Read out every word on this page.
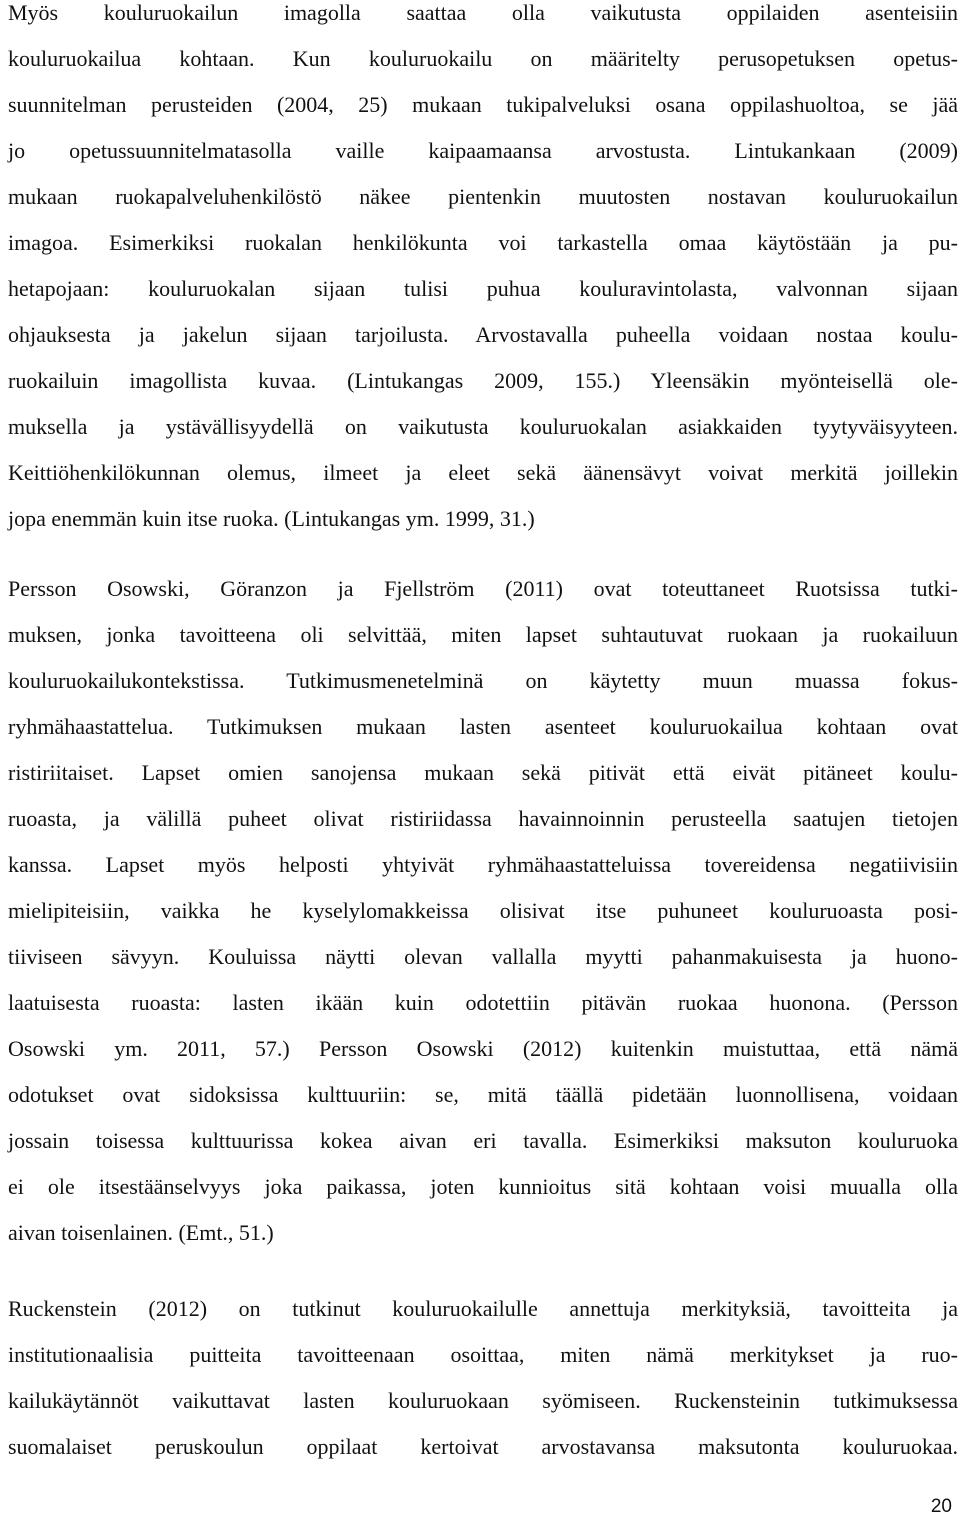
Myös kouluruokailun imagolla saattaa olla vaikutusta oppilaiden asenteisiin
kouluruokailua kohtaan. Kun kouluruokailu on määritelty perusopetuksen opetus-
suunnitelman perusteiden (2004, 25) mukaan tukipalveluksi osana oppilashuoltoa, se jää
jo opetussuunnitelmatasolla vaille kaipaamaansa arvostusta. Lintukankaan (2009)
mukaan ruokapalveluhenkilöstö näkee pientenkin muutosten nostavan kouluruokailun
imagoa. Esimerkiksi ruokalan henkilökunta voi tarkastella omaa käytöstään ja pu-
hetapojaan: kouluruokalan sijaan tulisi puhua kouluravintolasta, valvonnan sijaan
ohjauksesta ja jakelun sijaan tarjoilusta. Arvostavalla puheella voidaan nostaa koulu-
ruokailuin imagollista kuvaa. (Lintukangas 2009, 155.) Yleensäkin myönteisellä ole-
muksella ja ystävällisyydellä on vaikutusta kouluruokalan asiakkaiden tyytyväisyyteen.
Keittiöhenkilökunnan olemus, ilmeet ja eleet sekä äänensävyt voivat merkitä joillekin
jopa enemmän kuin itse ruoka. (Lintukangas ym. 1999, 31.)
Persson Osowski, Göranzon ja Fjellström (2011) ovat toteuttaneet Ruotsissa tutki-
muksen, jonka tavoitteena oli selvittää, miten lapset suhtautuvat ruokaan ja ruokailuun
kouluruokailukontekstissa. Tutkimusmenetelminä on käytetty muun muassa fokus-
ryhmähaastattelua. Tutkimuksen mukaan lasten asenteet kouluruokailua kohtaan ovat
ristiriitaiset. Lapset omien sanojensa mukaan sekä pitivät että eivät pitäneet koulu-
ruoasta, ja välillä puheet olivat ristiriidassa havainnoinnin perusteella saatujen tietojen
kanssa. Lapset myös helposti yhtyivät ryhmähaastatteluissa tovereidensa negatiivisiin
mielipiteisiin, vaikka he kyselylomakkeissa olisivat itse puhuneet kouluruoasta posi-
tiiviseen sävyyn. Kouluissa näytti olevan vallalla myytti pahanmakuisesta ja huono-
laatuisesta ruoasta: lasten ikään kuin odotettiin pitävän ruokaa huonona. (Persson
Osowski ym. 2011, 57.) Persson Osowski (2012) kuitenkin muistuttaa, että nämä
odotukset ovat sidoksissa kulttuuriin: se, mitä täällä pidetään luonnollisena, voidaan
jossain toisessa kulttuurissa kokea aivan eri tavalla. Esimerkiksi maksuton kouluruoka
ei ole itsestäänselvyys joka paikassa, joten kunnioitus sitä kohtaan voisi muualla olla
aivan toisenlainen. (Emt., 51.)
Ruckenstein (2012) on tutkinut kouluruokailulle annettuja merkityksiä, tavoitteita ja
institutionaalisia puitteita tavoitteenaan osoittaa, miten nämä merkitykset ja ruo-
kailukäytännöt vaikuttavat lasten kouluruokaan syömiseen. Ruckensteinin tutkimuksessa
suomalaiset peruskoulun oppilaat kertoivat arvostavansa maksutonta kouluruokaa.
20
